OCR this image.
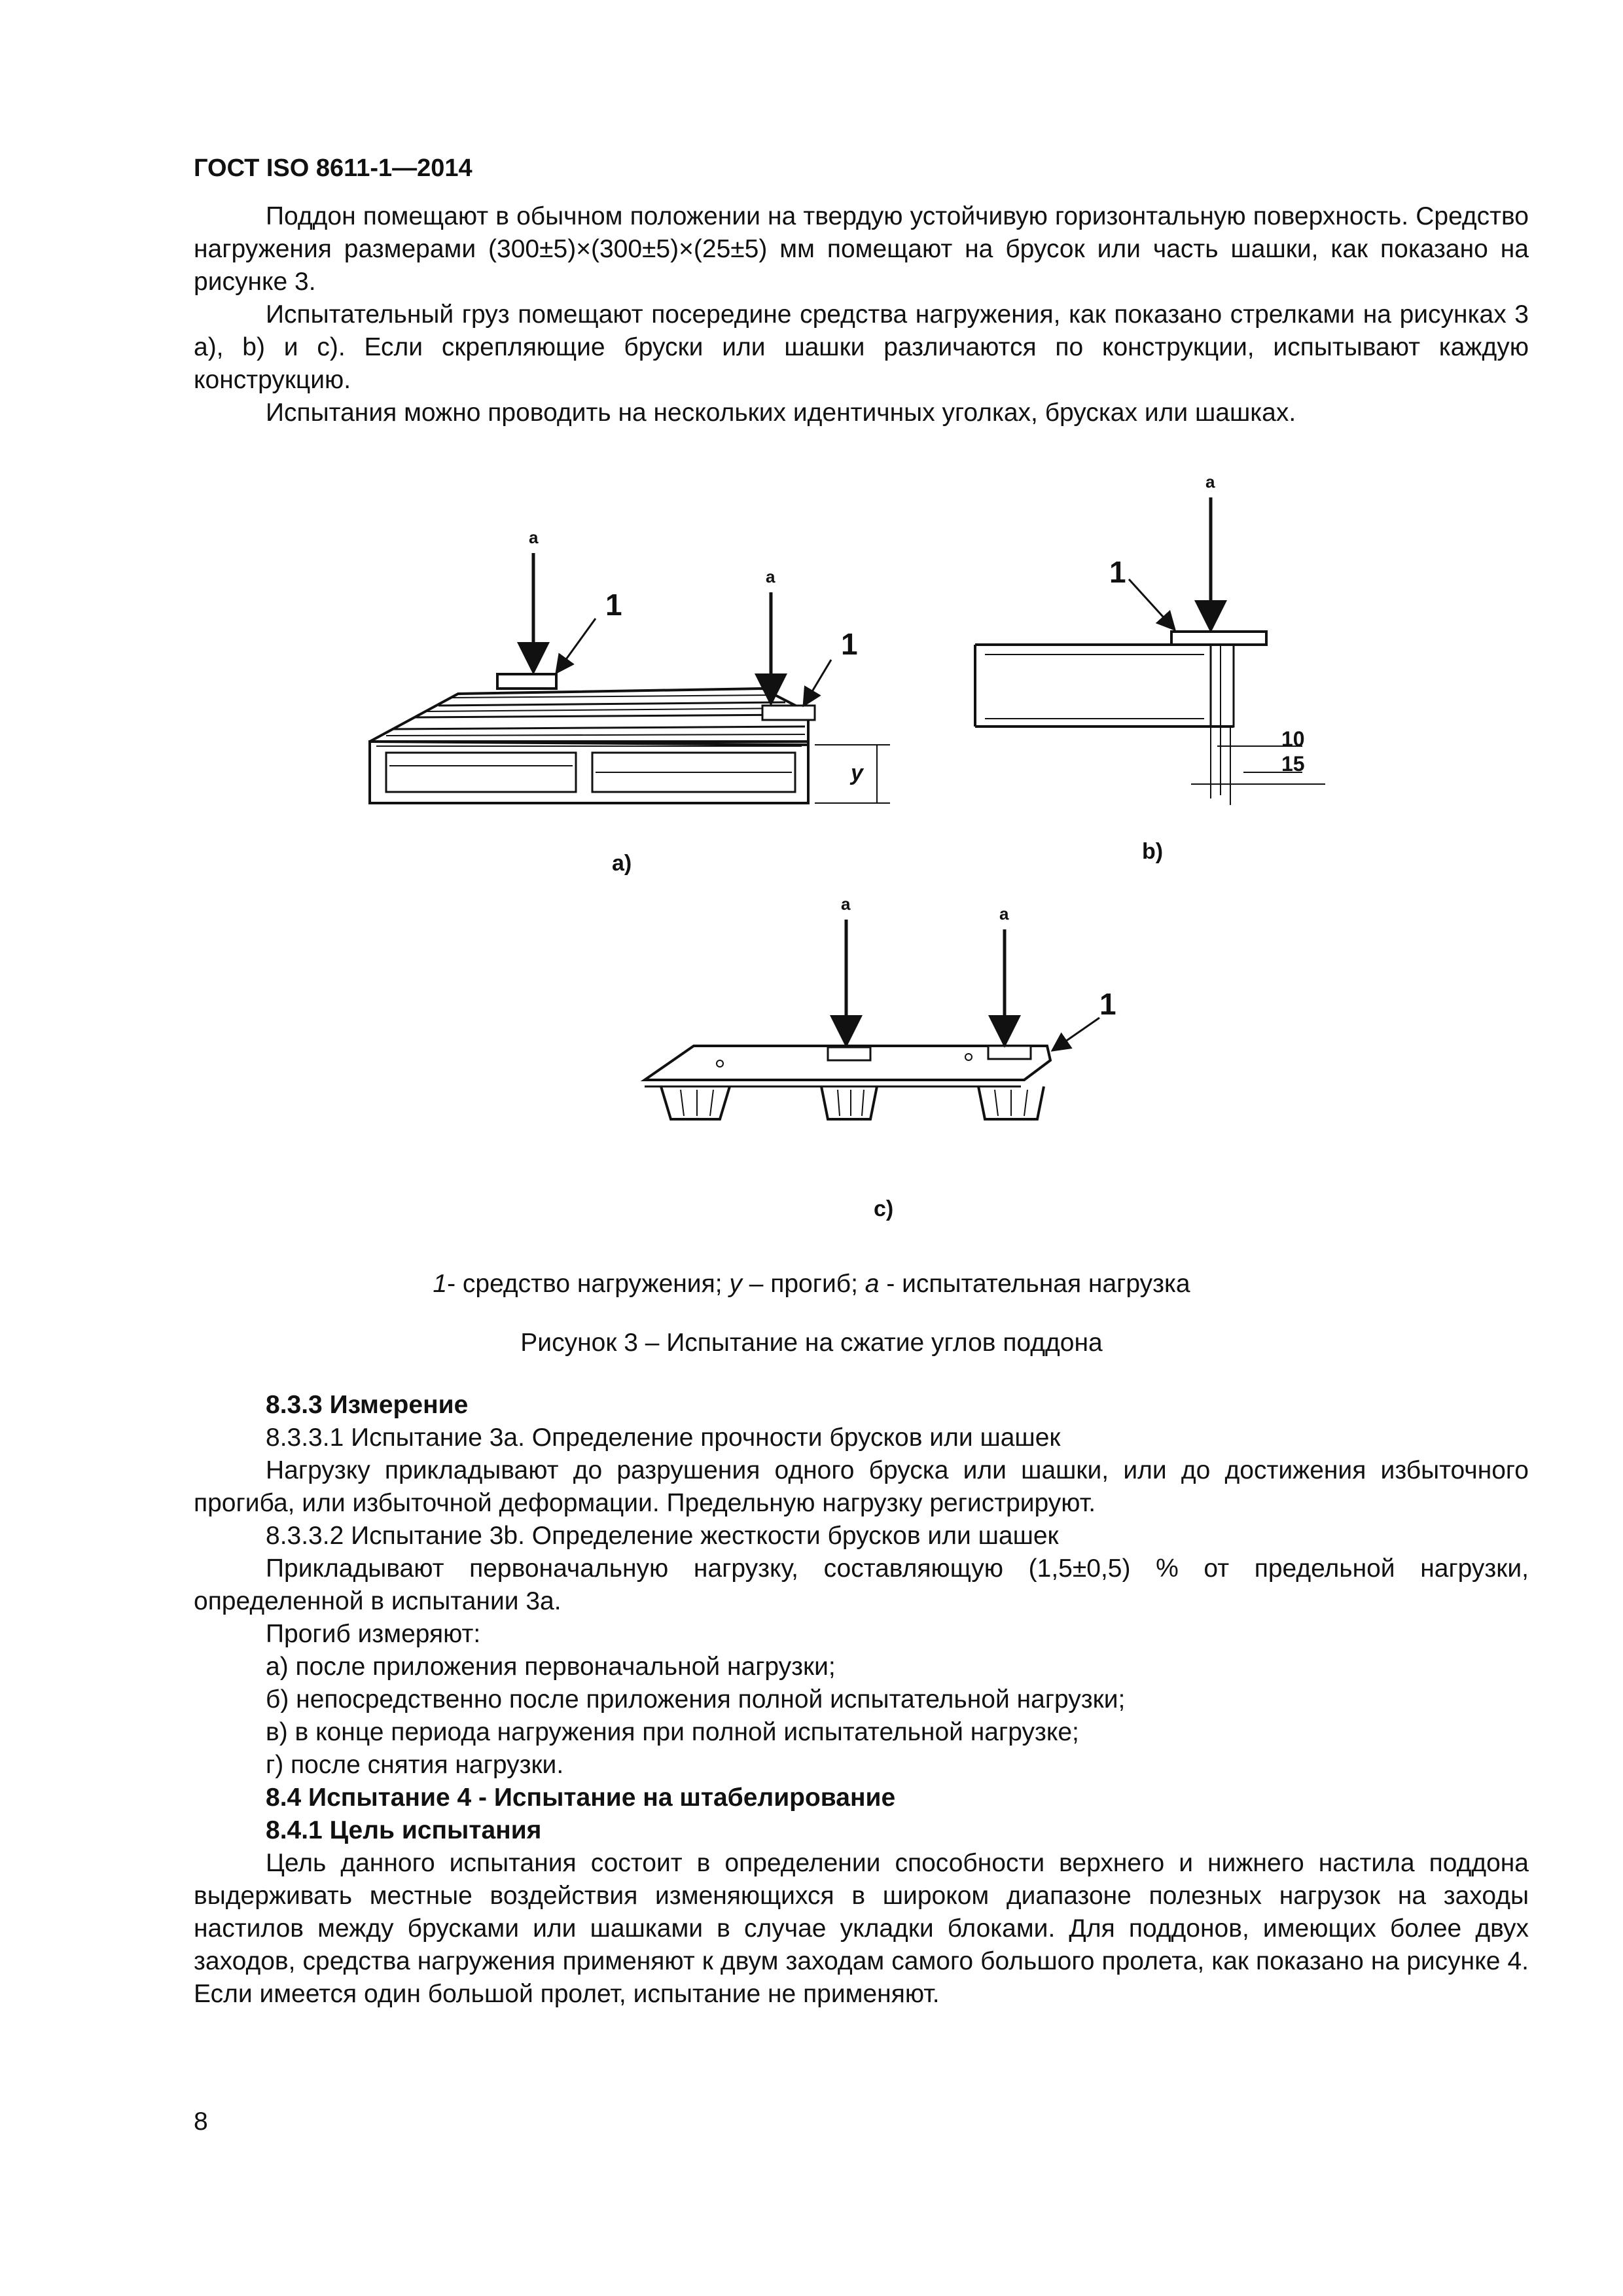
ГОСТ ISO 8611-1—2014

Поддон помещают в обычном положении на твердую устойчивую горизонтальную поверхность. Средство нагружения размерами (300±5)×(300±5)×(25±5) мм помещают на брусок или часть шашки, как показано на рисунке 3.

Испытательный груз помещают посередине средства нагружения, как показано стрелками на рисунках 3 a), b) и c). Если скрепляющие бруски или шашки различаются по конструкции, испытывают каждую конструкцию.

Испытания можно проводить на нескольких идентичных уголках, брусках или шашках.

a
a
1
1
y
a)
a
1
10
15
b)
a	a
1
c)
1- средство нагружения; y – прогиб; a - испытательная нагрузка
Рисунок 3 – Испытание на сжатие углов поддона

8.3.3 Измерение

8.3.3.1 Испытание 3а. Определение прочности брусков или шашек

Нагрузку прикладывают до разрушения одного бруска или шашки, или до достижения избыточного прогиба, или избыточной деформации. Предельную нагрузку регистрируют.

8.3.3.2 Испытание 3b. Определение жесткости брусков или шашек

Прикладывают первоначальную нагрузку, составляющую (1,5±0,5) % от предельной нагрузки, определенной в испытании 3а.

Прогиб измеряют:

а) после приложения первоначальной нагрузки;

б) непосредственно после приложения полной испытательной нагрузки;

в) в конце периода нагружения при полной испытательной нагрузке;

г) после снятия нагрузки.

8.4 Испытание 4 - Испытание на штабелирование

8.4.1 Цель испытания

Цель данного испытания состоит в определении способности верхнего и нижнего настила поддона выдерживать местные воздействия изменяющихся в широком диапазоне полезных нагрузок на заходы настилов между брусками или шашками в случае укладки блоками. Для поддонов, имеющих более двух заходов, средства нагружения применяют к двум заходам самого большого пролета, как показано на рисунке 4. Если имеется один большой пролет, испытание не применяют.

8
